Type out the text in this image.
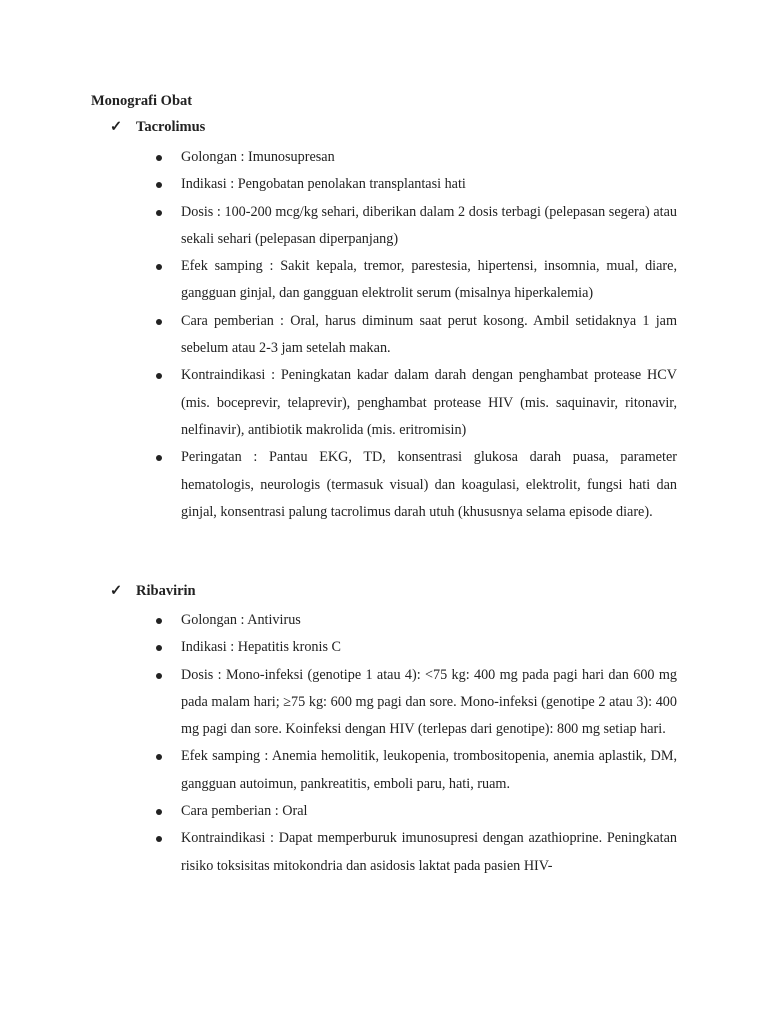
Monografi Obat
✓ Tacrolimus

Golongan : Imunosupresan

Indikasi : Pengobatan penolakan transplantasi hati

Dosis : 100-200 mcg/kg sehari, diberikan dalam 2 dosis terbagi (pelepasan segera) atau sekali sehari (pelepasan diperpanjang)

Efek samping : Sakit kepala, tremor, parestesia, hipertensi, insomnia, mual, diare, gangguan ginjal, dan gangguan elektrolit serum (misalnya hiperkalemia)

Cara pemberian : Oral, harus diminum saat perut kosong. Ambil setidaknya 1 jam sebelum atau 2-3 jam setelah makan.

Kontraindikasi : Peningkatan kadar dalam darah dengan penghambat protease HCV (mis. boceprevir, telaprevir), penghambat protease HIV (mis. saquinavir, ritonavir, nelfinavir), antibiotik makrolida (mis. eritromisin)

Peringatan : Pantau EKG, TD, konsentrasi glukosa darah puasa, parameter hematologis, neurologis (termasuk visual) dan koagulasi, elektrolit, fungsi hati dan ginjal, konsentrasi palung tacrolimus darah utuh (khususnya selama episode diare).

✓ Ribavirin

Golongan : Antivirus

Indikasi : Hepatitis kronis C

Dosis : Mono-infeksi (genotipe 1 atau 4): <75 kg: 400 mg pada pagi hari dan 600 mg pada malam hari; ≥75 kg: 600 mg pagi dan sore. Mono-infeksi (genotipe 2 atau 3): 400 mg pagi dan sore. Koinfeksi dengan HIV (terlepas dari genotipe): 800 mg setiap hari.

Efek samping : Anemia hemolitik, leukopenia, trombositopenia, anemia aplastik, DM, gangguan autoimun, pankreatitis, emboli paru, hati, ruam.

Cara pemberian : Oral

Kontraindikasi : Dapat memperburuk imunosupresi dengan azathioprine. Peningkatan risiko toksisitas mitokondria dan asidosis laktat pada pasien HIV-
